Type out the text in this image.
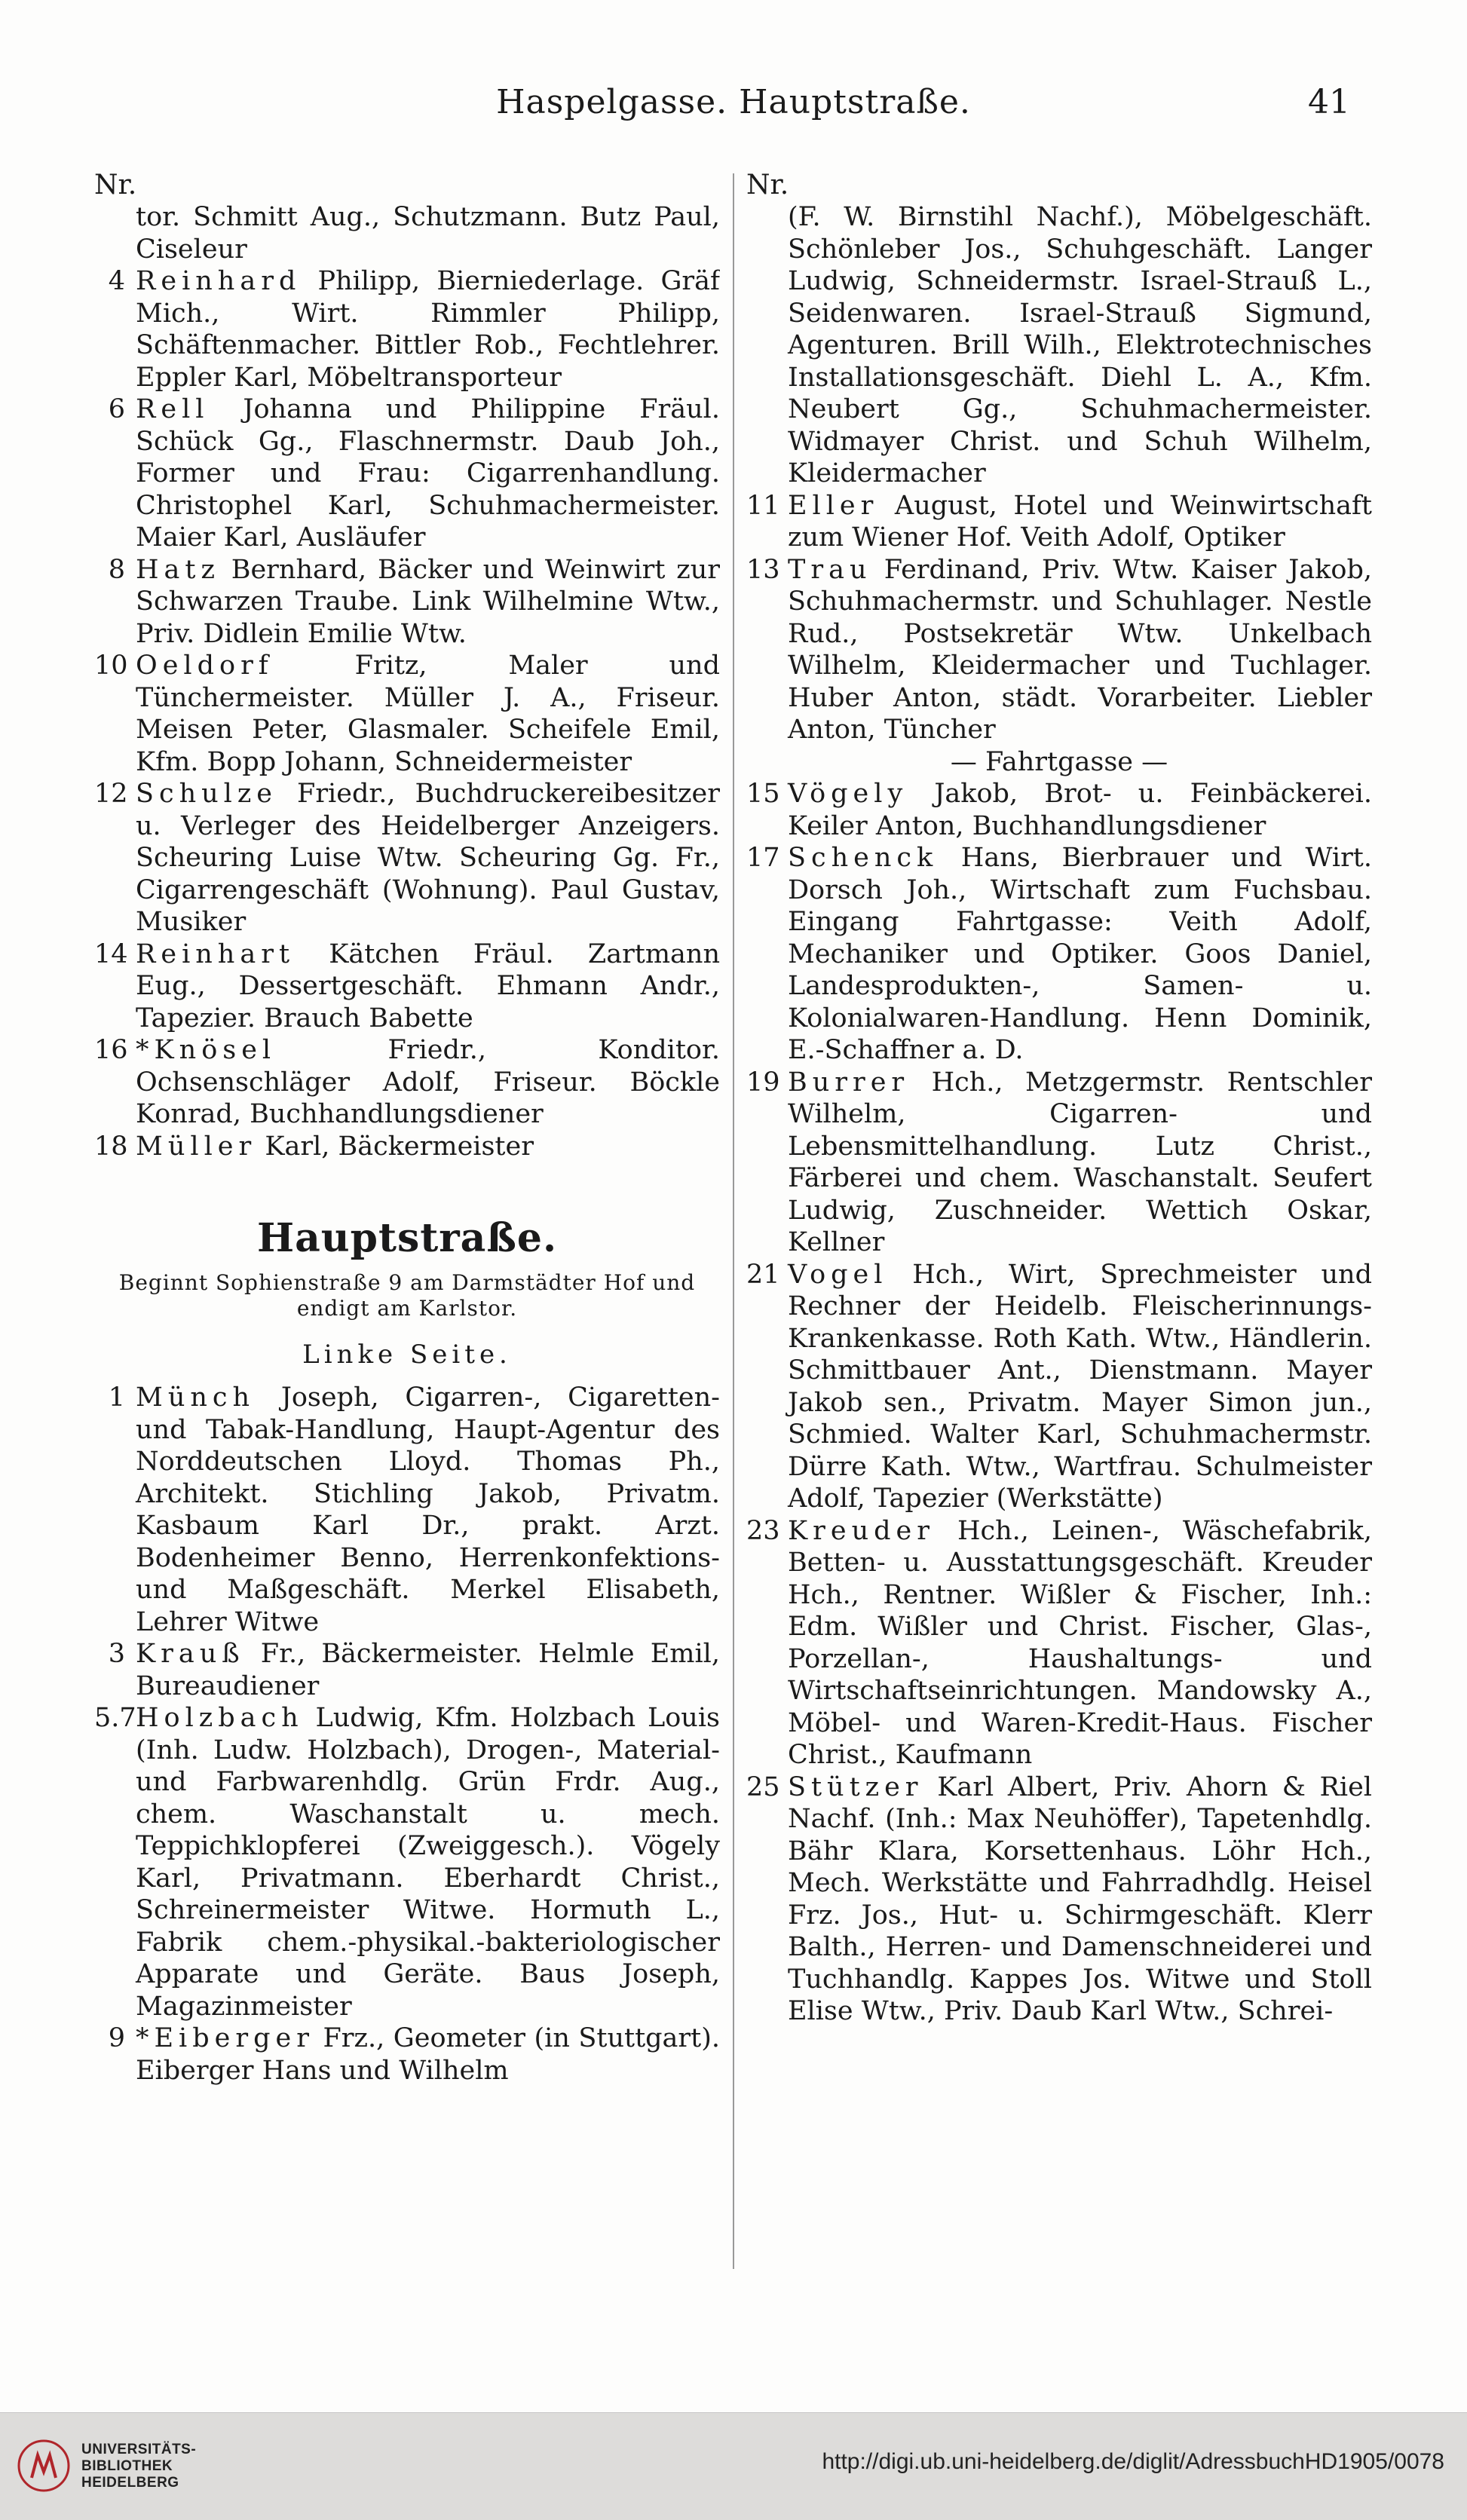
Haspelgasse. Hauptstraße.	41
Nr.
tor. Schmitt Aug., Schutzmann. Butz Paul, Ciseleur
4 Reinhard Philipp, Bierniederlage. Gräf Mich., Wirt. Rimmler Philipp, Schäftenmacher. Bittler Rob., Fechtlehrer. Eppler Karl, Möbeltransporteur
6 Rell Johanna und Philippine Fräul. Schück Gg., Flaschnermstr. Daub Joh., Former und Frau: Cigarrenhandlung. Christophel Karl, Schuhmachermeister. Maier Karl, Ausläufer
8 Hatz Bernhard, Bäcker und Weinwirt zur Schwarzen Traube. Link Wilhelmine Wtw., Priv. Didlein Emilie Wtw.
10 Oeldorf Fritz, Maler und Tünchermeister. Müller J. A., Friseur. Meisen Peter, Glasmaler. Scheifele Emil, Kfm. Bopp Johann, Schneidermeister
12 Schulze Friedr., Buchdruckereibesitzer u. Verleger des Heidelberger Anzeigers. Scheuring Luise Wtw. Scheuring Gg. Fr., Cigarrengeschäft (Wohnung). Paul Gustav, Musiker
14 Reinhart Kätchen Fräul. Zartmann Eug., Dessertgeschäft. Ehmann Andr., Tapezier. Brauch Babette
16 *Knösel Friedr., Konditor. Ochsenschläger Adolf, Friseur. Böckle Konrad, Buchhandlungsdiener
18 Müller Karl, Bäckermeister
Hauptstraße.
Beginnt Sophienstraße 9 am Darmstädter Hof und endigt am Karlstor.
Linke Seite.
1 Münch Joseph, Cigarren-, Cigaretten- und Tabak-Handlung, Haupt-Agentur des Norddeutschen Lloyd. Thomas Ph., Architekt. Stichling Jakob, Privatm. Kasbaum Karl Dr., prakt. Arzt. Bodenheimer Benno, Herrenkonfektions- und Maßgeschäft. Merkel Elisabeth, Lehrer Witwe
3 Krauß Fr., Bäckermeister. Helmle Emil, Bureaudiener
5.7 Holzbach Ludwig, Kfm. Holzbach Louis (Inh. Ludw. Holzbach), Drogen-, Material- und Farbwarenhdlg. Grün Frdr. Aug., chem. Waschanstalt u. mech. Teppichklopferei (Zweiggesch.). Vögely Karl, Privatmann. Eberhardt Christ., Schreinermeister Witwe. Hormuth L., Fabrik chem.-physikal.-bakteriologischer Apparate und Geräte. Baus Joseph, Magazinmeister
9 *Eiberger Frz., Geometer (in Stuttgart). Eiberger Hans und Wilhelm
Nr.
(F. W. Birnstihl Nachf.), Möbelgeschäft. Schönleber Jos., Schuhgeschäft. Langer Ludwig, Schneidermstr. Israel-Strauß L., Seidenwaren. Israel-Strauß Sigmund, Agenturen. Brill Wilh., Elektrotechnisches Installationsgeschäft. Diehl L. A., Kfm. Neubert Gg., Schuhmachermeister. Widmayer Christ. und Schuh Wilhelm, Kleidermacher
11 Eller August, Hotel und Weinwirtschaft zum Wiener Hof. Veith Adolf, Optiker
13 Trau Ferdinand, Priv. Wtw. Kaiser Jakob, Schuhmachermstr. und Schuhlager. Nestle Rud., Postsekretär Wtw. Unkelbach Wilhelm, Kleidermacher und Tuchlager. Huber Anton, städt. Vorarbeiter. Liebler Anton, Tüncher
— Fahrtgasse —
15 Vögely Jakob, Brot- u. Feinbäckerei. Keiler Anton, Buchhandlungsdiener
17 Schenck Hans, Bierbrauer und Wirt. Dorsch Joh., Wirtschaft zum Fuchsbau. Eingang Fahrtgasse: Veith Adolf, Mechaniker und Optiker. Goos Daniel, Landesprodukten-, Samen- u. Kolonialwaren-Handlung. Henn Dominik, E.-Schaffner a. D.
19 Burrer Hch., Metzgermstr. Rentschler Wilhelm, Cigarren- und Lebensmittelhandlung. Lutz Christ., Färberei und chem. Waschanstalt. Seufert Ludwig, Zuschneider. Wettich Oskar, Kellner
21 Vogel Hch., Wirt, Sprechmeister und Rechner der Heidelb. Fleischerinnungs-Krankenkasse. Roth Kath. Wtw., Händlerin. Schmittbauer Ant., Dienstmann. Mayer Jakob sen., Privatm. Mayer Simon jun., Schmied. Walter Karl, Schuhmachermstr. Dürre Kath. Wtw., Wartfrau. Schulmeister Adolf, Tapezier (Werkstätte)
23 Kreuder Hch., Leinen-, Wäschefabrik, Betten- u. Ausstattungsgeschäft. Kreuder Hch., Rentner. Wißler & Fischer, Inh.: Edm. Wißler und Christ. Fischer, Glas-, Porzellan-, Haushaltungs- und Wirtschaftseinrichtungen. Mandowsky A., Möbel- und Waren-Kredit-Haus. Fischer Christ., Kaufmann
25 Stützer Karl Albert, Priv. Ahorn & Riel Nachf. (Inh.: Max Neuhöffer), Tapetenhdlg. Bähr Klara, Korsettenhaus. Löhr Hch., Mech. Werkstätte und Fahrradhdlg. Heisel Frz. Jos., Hut- u. Schirmgeschäft. Klerr Balth., Herren- und Damenschneiderei und Tuchhandlg. Kappes Jos. Witwe und Stoll Elise Wtw., Priv. Daub Karl Wtw., Schrei-
UNIVERSITÄTS-
BIBLIOTHEK
HEIDELBERG
http://digi.ub.uni-heidelberg.de/diglit/AdressbuchHD1905/0078
